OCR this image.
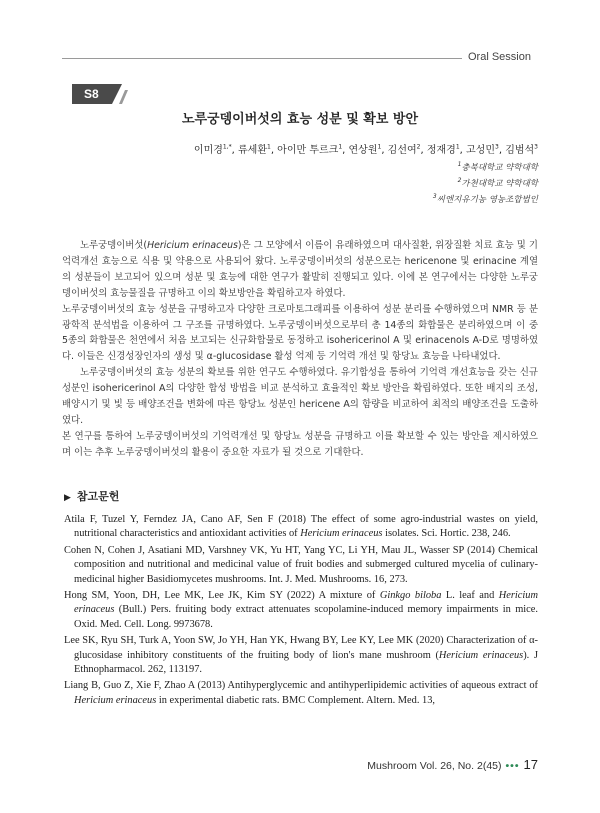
Oral Session
S8
노루궁뎅이버섯의 효능 성분 및 확보 방안
이미경$^{1,*}$, 류세환$^1$, 아이만 투르크$^1$, 연상원$^1$, 김선여$^2$, 정재경$^1$, 고성민$^3$, 김범석$^3$
$^1$충북대학교 약학대학
$^2$가천대학교 약학대학
$^3$씨엔지유기농 영농조합법인

노루궁뎅이버섯(Hericium erinaceus)은 그 모양에서 이름이 유래하였으며 대사질환, 위장질환 치료 효능 및 기억력개선 효능으로 식용 및 약용으로 사용되어 왔다. 노루궁뎅이버섯의 성분으로는 hericenone 및 erinacine 계열의 성분들이 보고되어 있으며 성분 및 효능에 대한 연구가 활발히 진행되고 있다. 이에 본 연구에서는 다양한 노루궁뎅이버섯의 효능물질을 규명하고 이의 확보방안을 확립하고자 하였다.

노루궁뎅이버섯의 효능 성분을 규명하고자 다양한 크로마토그래피를 이용하여 성분 분리를 수행하였으며 NMR 등 분광학적 분석법을 이용하여 그 구조를 규명하였다. 노루궁뎅이버섯으로부터 총 14종의 화합물은 분리하였으며 이 중 5종의 화합물은 천연에서 처음 보고되는 신규화합물로 동정하고 isohericerinol A 및 erinacenols A-D로 명명하였다. 이들은 신경성장인자의 생성 및 α-glucosidase 활성 억제 등 기억력 개선 및 항당뇨 효능을 나타내었다.

노루궁뎅이버섯의 효능 성분의 확보를 위한 연구도 수행하였다. 유기합성을 통하여 기억력 개선효능을 갖는 신규성분인 isohericerinol A의 다양한 합성 방법을 비교 분석하고 효율적인 확보 방안을 확립하였다. 또한 배지의 조성, 배양시기 및 빛 등 배양조건을 변화에 따른 항당뇨 성분인 hericene A의 함량을 비교하여 최적의 배양조건을 도출하였다.

본 연구를 통하여 노루궁뎅이버섯의 기억력개선 및 항당뇨 성분을 규명하고 이를 확보할 수 있는 방안을 제시하였으며 이는 추후 노루궁뎅이버섯의 활용이 중요한 자료가 될 것으로 기대한다.

▶ 참고문헌

Atila F, Tuzel Y, Ferndez JA, Cano AF, Sen F (2018) The effect of some agro-industrial wastes on yield, nutritional characteristics and antioxidant activities of Hericium erinaceus isolates. Sci. Hortic. 238, 246.

Cohen N, Cohen J, Asatiani MD, Varshney VK, Yu HT, Yang YC, Li YH, Mau JL, Wasser SP (2014) Chemical composition and nutritional and medicinal value of fruit bodies and submerged cultured mycelia of culinary-medicinal higher Basidiomycetes mushrooms. Int. J. Med. Mushrooms. 16, 273.

Hong SM, Yoon, DH, Lee MK, Lee JK, Kim SY (2022) A mixture of Ginkgo biloba L. leaf and Hericium erinaceus (Bull.) Pers. fruiting body extract attenuates scopolamine-induced memory impairments in mice. Oxid. Med. Cell. Long. 9973678.

Lee SK, Ryu SH, Turk A, Yoon SW, Jo YH, Han YK, Hwang BY, Lee KY, Lee MK (2020) Characterization of α-glucosidase inhibitory constituents of the fruiting body of lion's mane mushroom (Hericium erinaceus). J Ethnopharmacol. 262, 113197.

Liang B, Guo Z, Xie F, Zhao A (2013) Antihyperglycemic and antihyperlipidemic activities of aqueous extract of Hericium erinaceus in experimental diabetic rats. BMC Complement. Altern. Med. 13,

Mushroom Vol. 26, No. 2(45) ••• 17
